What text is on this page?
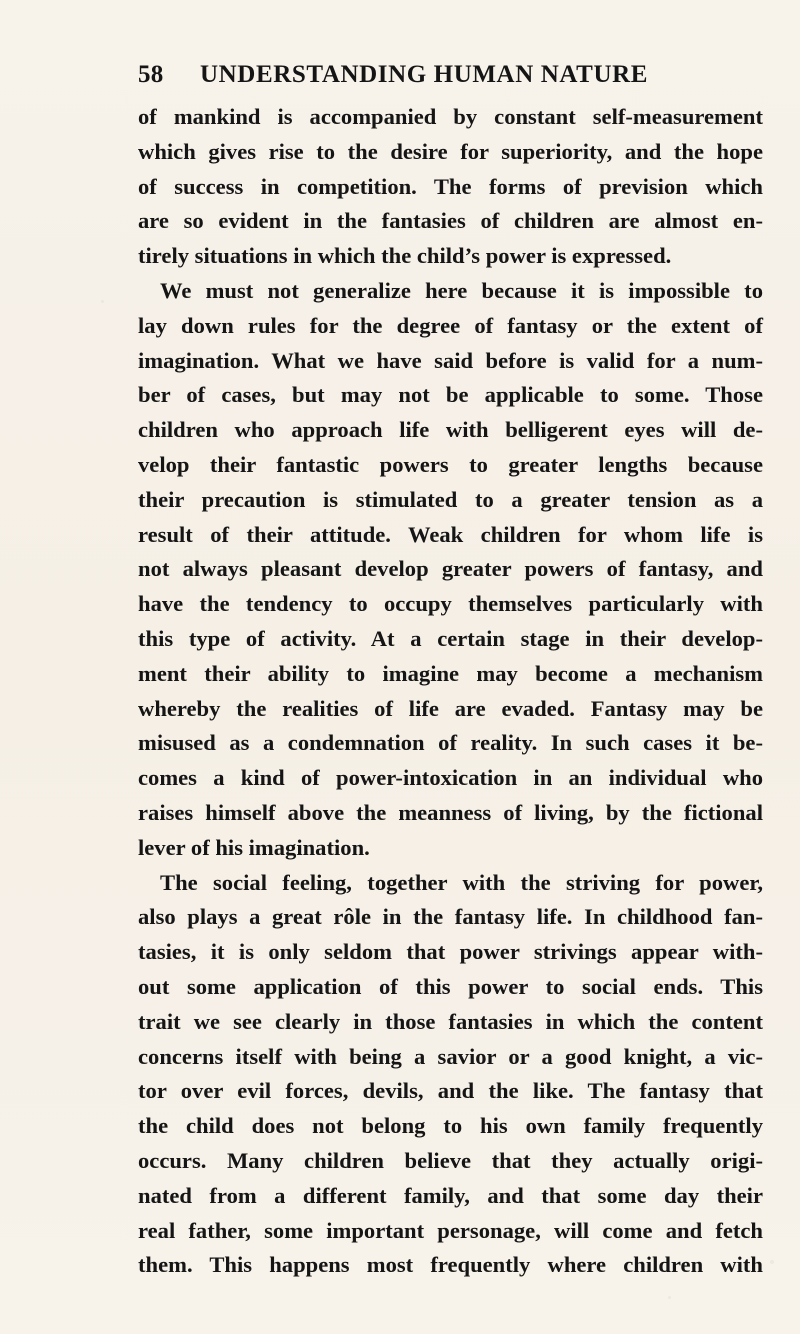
58 UNDERSTANDING HUMAN NATURE
of mankind is accompanied by constant self-measurement
which gives rise to the desire for superiority, and the hope
of success in competition. The forms of prevision which
are so evident in the fantasies of children are almost en-
tirely situations in which the child’s power is expressed.
We must not generalize here because it is impossible to
lay down rules for the degree of fantasy or the extent of
imagination. What we have said before is valid for a num-
ber of cases, but may not be applicable to some. Those
children who approach life with belligerent eyes will de-
velop their fantastic powers to greater lengths because
their precaution is stimulated to a greater tension as a
result of their attitude. Weak children for whom life is
not always pleasant develop greater powers of fantasy, and
have the tendency to occupy themselves particularly with
this type of activity. At a certain stage in their develop-
ment their ability to imagine may become a mechanism
whereby the realities of life are evaded. Fantasy may be
misused as a condemnation of reality. In such cases it be-
comes a kind of power-intoxication in an individual who
raises himself above the meanness of living, by the fictional
lever of his imagination.
The social feeling, together with the striving for power,
also plays a great rôle in the fantasy life. In childhood fan-
tasies, it is only seldom that power strivings appear with-
out some application of this power to social ends. This
trait we see clearly in those fantasies in which the content
concerns itself with being a savior or a good knight, a vic-
tor over evil forces, devils, and the like. The fantasy that
the child does not belong to his own family frequently
occurs. Many children believe that they actually origi-
nated from a different family, and that some day their
real father, some important personage, will come and fetch
them. This happens most frequently where children with
